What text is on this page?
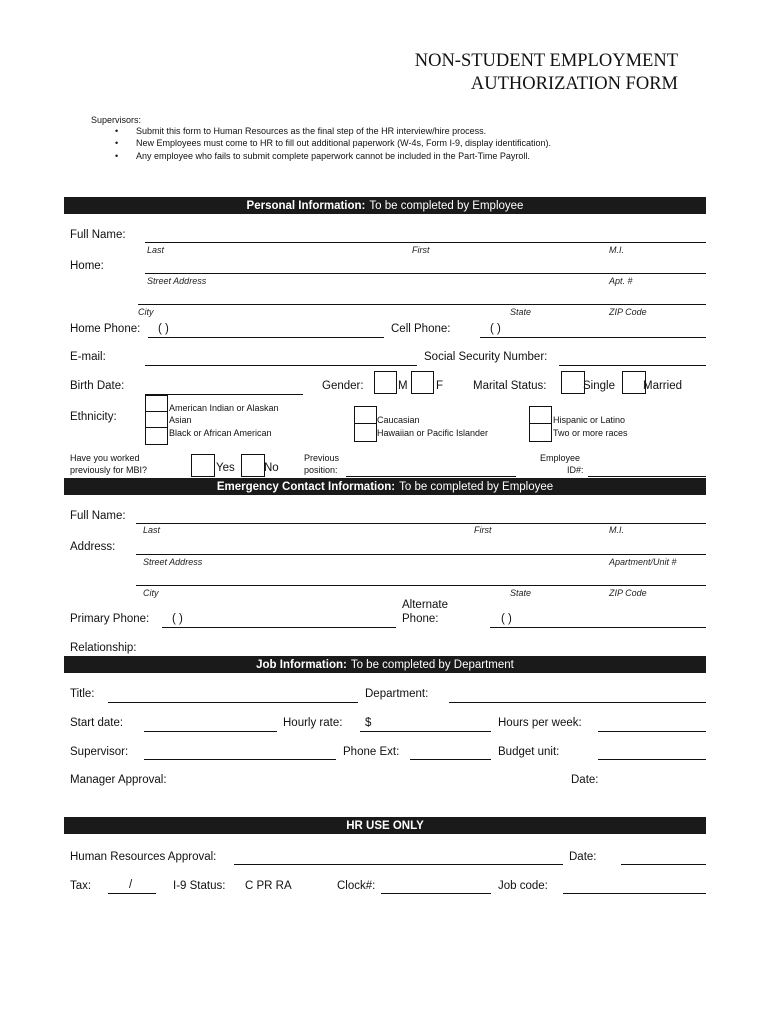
NON-STUDENT EMPLOYMENT
AUTHORIZATION FORM
Supervisors:
• Submit this form to Human Resources as the final step of the HR interview/hire process.
• New Employees must come to HR to fill out additional paperwork (W-4s, Form I-9, display identification).
• Any employee who fails to submit complete paperwork cannot be included in the Part-Time Payroll.
Personal Information: To be completed by Employee
Full Name:
Last	First	M.I.
Home:
Street Address	Apt. #
City	State	ZIP Code
Home Phone: ( )	Cell Phone:	( )
E-mail:	Social Security Number:
Birth Date:	Gender:	M F	Marital Status:	Single Married
Ethnicity:
American Indian or Alaskan
Asian
Black or African American
Caucasian
Hawaiian or Pacific Islander
Hispanic or Latino
Two or more races
Have you worked
previously for MBI?	Yes	No
Previous
position:
Employee
ID#:
Emergency Contact Information: To be completed by Employee
Full Name:
Last	First	M.I.
Address:
Street Address	Apartment/Unit #
City	State	ZIP Code
Primary Phone: ( )
Alternate
Phone:	( )
Relationship:
Job Information: To be completed by Department
Title:	Department:
Start date:	Hourly rate: $	Hours per week:
Supervisor:	Phone Ext:	Budget unit:
Manager Approval:	Date:
HR USE ONLY
Human Resources Approval:	Date:
Tax:	/	I-9 Status: C PR RA	Clock#:	Job code:
